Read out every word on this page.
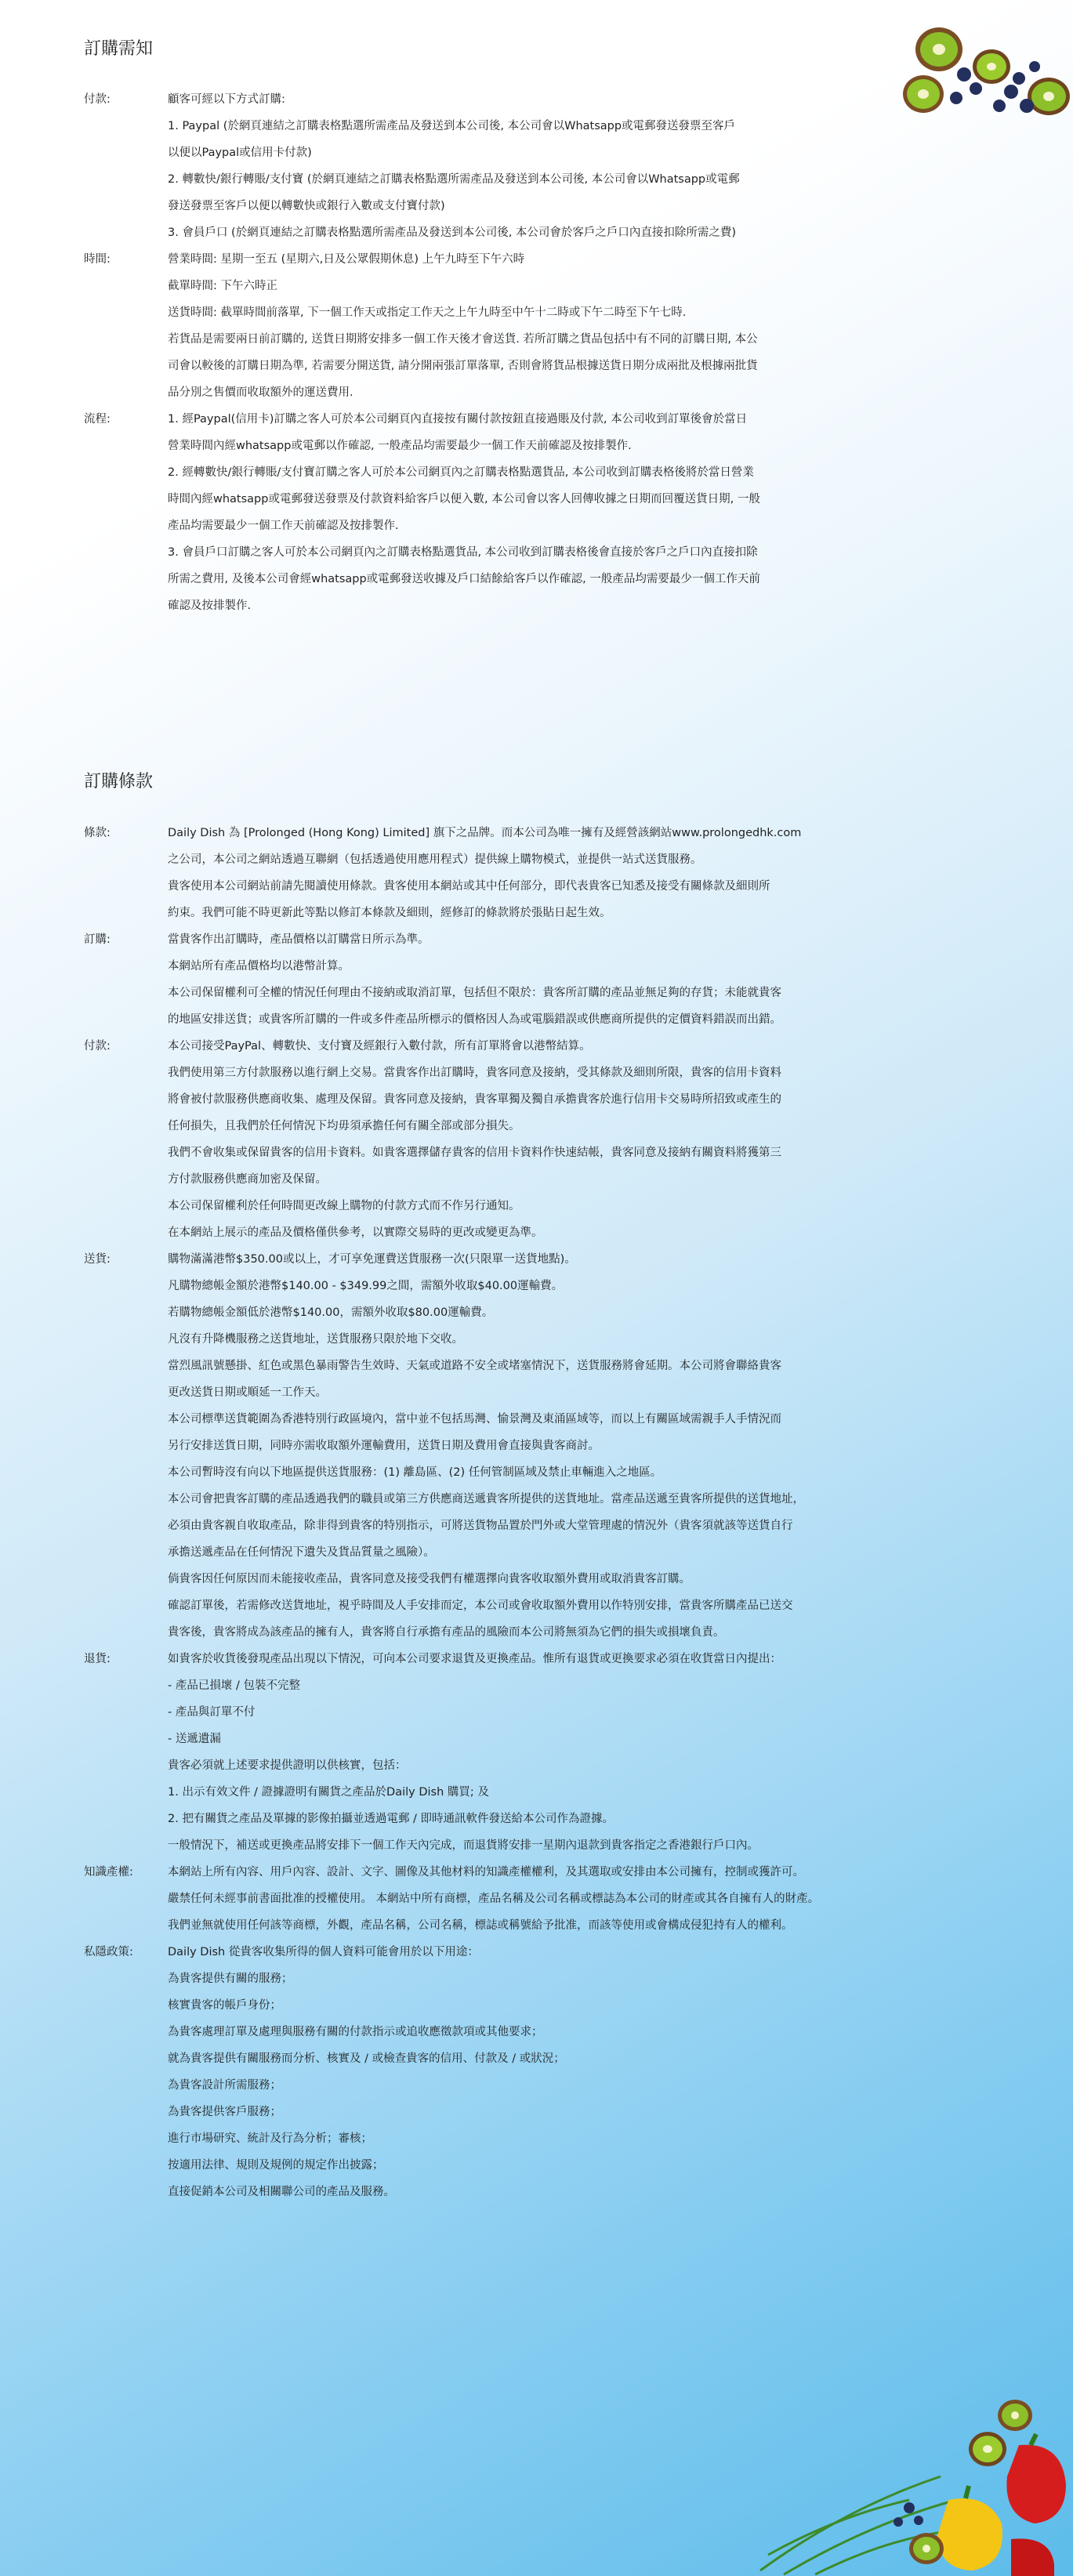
訂購需知
付款:	顧客可經以下方式訂購:

1. Paypal (於網頁連結之訂購表格點選所需產品及發送到本公司後, 本公司會以Whatsapp或電郵發送發票至客戶

以便以Paypal或信用卡付款)

2. 轉數快/銀行轉賬/支付寶 (於網頁連結之訂購表格點選所需產品及發送到本公司後, 本公司會以Whatsapp或電郵

發送發票至客戶以便以轉數快或銀行入數或支付寶付款)

3. 會員戶口 (於網頁連結之訂購表格點選所需產品及發送到本公司後, 本公司會於客戶之戶口內直接扣除所需之費)

時間:	營業時間: 星期一至五 (星期六,日及公眾假期休息) 上午九時至下午六時

截單時間: 下午六時正

送貨時間: 截單時間前落單, 下一個工作天或指定工作天之上午九時至中午十二時或下午二時至下午七時.

若貨品是需要兩日前訂購的, 送貨日期將安排多一個工作天後才會送貨. 若所訂購之貨品包括中有不同的訂購日期, 本公

司會以較後的訂購日期為準, 若需要分開送貨, 請分開兩張訂單落單, 否則會將貨品根據送貨日期分成兩批及根據兩批貨

品分別之售價而收取額外的運送費用.

流程:	1. 經Paypal(信用卡)訂購之客人可於本公司網頁內直接按有關付款按鈕直接過賬及付款, 本公司收到訂單後會於當日

營業時間內經whatsapp或電郵以作確認, 一般產品均需要最少一個工作天前確認及按排製作.

2. 經轉數快/銀行轉賬/支付寶訂購之客人可於本公司網頁內之訂購表格點選貨品, 本公司收到訂購表格後將於當日營業

時間內經whatsapp或電郵發送發票及付款資料給客戶以便入數, 本公司會以客人回傳收據之日期而回覆送貨日期, 一般

產品均需要最少一個工作天前確認及按排製作.

3. 會員戶口訂購之客人可於本公司網頁內之訂購表格點選貨品, 本公司收到訂購表格後會直接於客戶之戶口內直接扣除

所需之費用, 及後本公司會經whatsapp或電郵發送收據及戶口結餘給客戶以作確認, 一般產品均需要最少一個工作天前

確認及按排製作.

訂購條款
條款:	Daily Dish 為 [Prolonged (Hong Kong) Limited] 旗下之品牌。而本公司為唯一擁有及經營該網站www.prolongedhk.com

之公司，本公司之網站透過互聯網（包括透過使用應用程式）提供線上購物模式，並提供一站式送貨服務。

貴客使用本公司網站前請先閱讀使用條款。貴客使用本網站或其中任何部分，即代表貴客已知悉及接受有關條款及細則所

約束。我們可能不時更新此等點以修訂本條款及細則，經修訂的條款將於張貼日起生效。

訂購:	當貴客作出訂購時，產品價格以訂購當日所示為準。

本網站所有產品價格均以港幣計算。

本公司保留權利可全權的情況任何理由不接納或取消訂單，包括但不限於：貴客所訂購的產品並無足夠的存貨；未能就貴客

的地區安排送貨；或貴客所訂購的一件或多件產品所標示的價格因人為或電腦錯誤或供應商所提供的定價資料錯誤而出錯。

付款:	本公司接受PayPal、轉數快、支付寶及經銀行入數付款，所有訂單將會以港幣結算。

我們使用第三方付款服務以進行網上交易。當貴客作出訂購時，貴客同意及接納，受其條款及細則所限，貴客的信用卡資料

將會被付款服務供應商收集、處理及保留。貴客同意及接納，貴客單獨及獨自承擔貴客於進行信用卡交易時所招致或產生的

任何損失，且我們於任何情況下均毋須承擔任何有關全部或部分損失。

我們不會收集或保留貴客的信用卡資料。如貴客選擇儲存貴客的信用卡資料作快速結帳，貴客同意及接納有關資料將獲第三

方付款服務供應商加密及保留。

本公司保留權利於任何時間更改線上購物的付款方式而不作另行通知。

在本網站上展示的產品及價格僅供參考，以實際交易時的更改或變更為準。

送貨:	購物滿滿港幣$350.00或以上，才可享免運費送貨服務一次(只限單一送貨地點)。

凡購物總帳金額於港幣$140.00 - $349.99之間，需額外收取$40.00運輸費。

若購物總帳金額低於港幣$140.00，需額外收取$80.00運輸費。

凡沒有升降機服務之送貨地址，送貨服務只限於地下交收。

當烈風訊號懸掛、紅色或黑色暴雨警告生效時、天氣或道路不安全或堵塞情況下，送貨服務將會延期。本公司將會聯絡貴客

更改送貨日期或順延一工作天。

本公司標準送貨範圍為香港特別行政區境內，當中並不包括馬灣、愉景灣及東涌區域等，而以上有關區域需親手人手情況而

另行安排送貨日期，同時亦需收取額外運輸費用，送貨日期及費用會直接與貴客商討。

本公司暫時沒有向以下地區提供送貨服務：(1) 離島區、(2) 任何管制區域及禁止車輛進入之地區。

本公司會把貴客訂購的產品透過我們的職員或第三方供應商送遞貴客所提供的送貨地址。當產品送遞至貴客所提供的送貨地址，

必須由貴客親自收取產品，除非得到貴客的特別指示，可將送貨物品置於門外或大堂管理處的情況外（貴客須就該等送貨自行

承擔送遞產品在任何情況下遺失及貨品質量之風險）。

倘貴客因任何原因而未能接收產品，貴客同意及接受我們有權選擇向貴客收取額外費用或取消貴客訂購。

確認訂單後，若需修改送貨地址，視乎時間及人手安排而定，本公司或會收取額外費用以作特別安排，當貴客所購產品已送交

貴客後，貴客將成為該產品的擁有人，貴客將自行承擔有產品的風險而本公司將無須為它們的損失或損壞負責。

退貨:	如貴客於收貨後發現產品出現以下情況，可向本公司要求退貨及更換產品。惟所有退貨或更換要求必須在收貨當日內提出：

- 產品已損壞 / 包裝不完整

- 產品與訂單不付

- 送遞遺漏

貴客必須就上述要求提供證明以供核實，包括：

1. 出示有效文件 / 證據證明有關貨之產品於Daily Dish 購買; 及

2. 把有關貨之產品及單據的影像拍攝並透過電郵 / 即時通訊軟件發送給本公司作為證據。

一般情況下，補送或更換產品將安排下一個工作天內完成，而退貨將安排一星期內退款到貴客指定之香港銀行戶口內。

知識產權:	本網站上所有內容、用戶內容、設計、文字、圖像及其他材料的知識產權權利，及其選取或安排由本公司擁有，控制或獲許可。

嚴禁任何未經事前書面批准的授權使用。 本網站中所有商標，產品名稱及公司名稱或標誌為本公司的財產或其各自擁有人的財產。

我們並無就使用任何該等商標，外觀，產品名稱，公司名稱，標誌或稱號給予批准，而該等使用或會構成侵犯持有人的權利。

私隱政策:	Daily Dish 從貴客收集所得的個人資料可能會用於以下用途：

為貴客提供有關的服務；

核實貴客的帳戶身份；

為貴客處理訂單及處理與服務有關的付款指示或追收應徵款項或其他要求；

就為貴客提供有關服務而分析、核實及 / 或檢查貴客的信用、付款及 / 或狀況；

為貴客設計所需服務；

為貴客提供客戶服務；

進行市場研究、統計及行為分析；審核；

按適用法律、規則及規例的規定作出披露；

直接促銷本公司及相關聯公司的產品及服務。
